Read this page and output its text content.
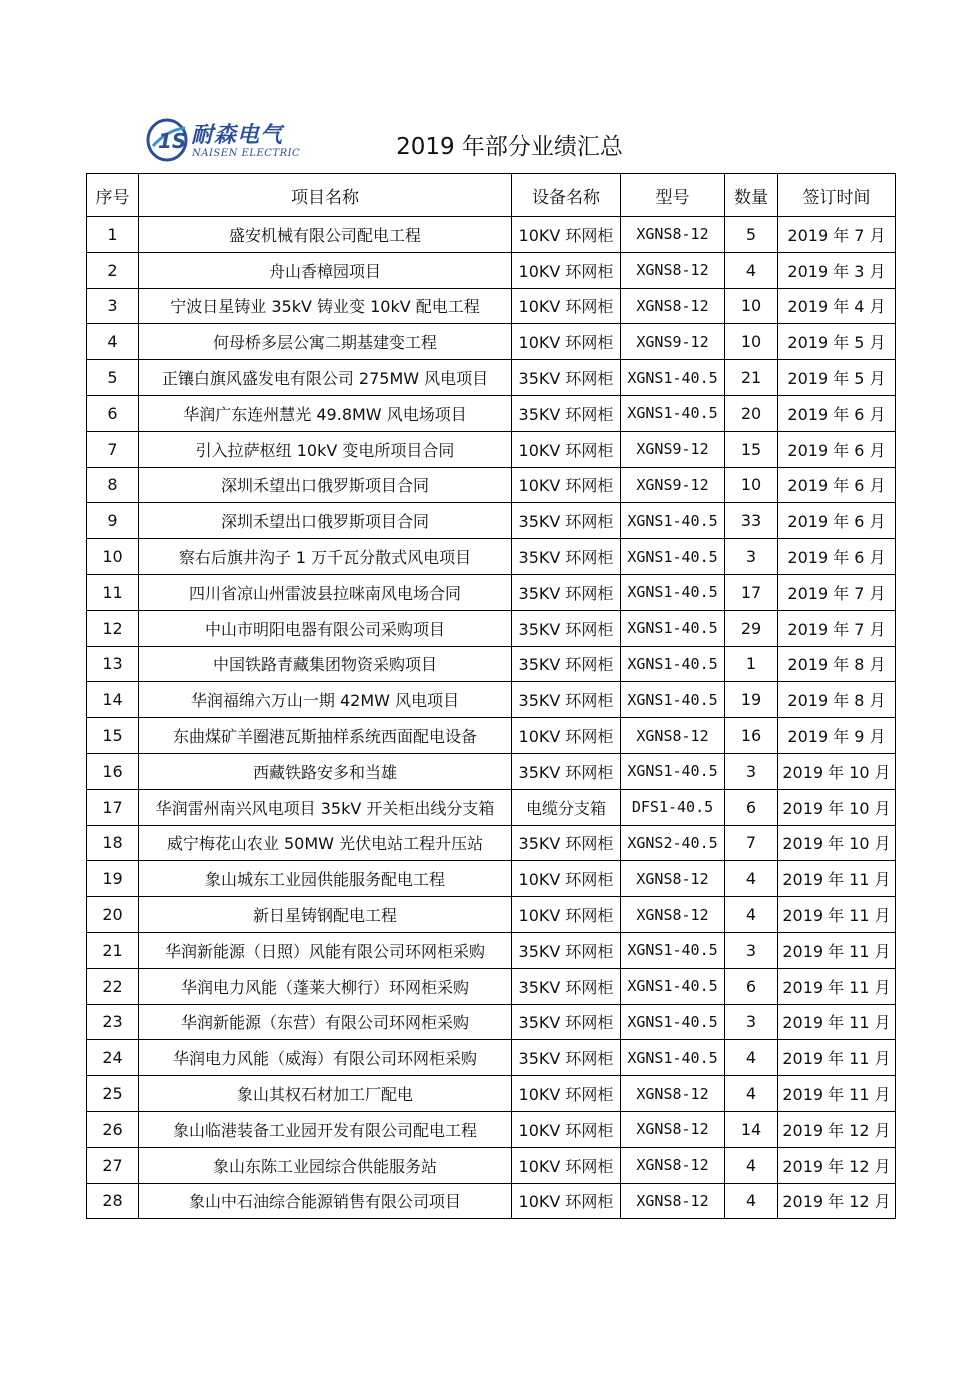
1S 耐森电气
NAISEN ELECTRIC	2019 年部分业绩汇总
序号	项目名称	设备名称	型号	数量	签订时间
1	盛安机械有限公司配电工程	10KV 环网柜	XGNS8-12	5	2019 年 7 月
2	舟山香樟园项目	10KV 环网柜	XGNS8-12	4	2019 年 3 月
3	宁波日星铸业 35kV 铸业变 10kV 配电工程	10KV 环网柜	XGNS8-12	10	2019 年 4 月
4	何母桥多层公寓二期基建变工程	10KV 环网柜	XGNS9-12	10	2019 年 5 月
5	正镶白旗风盛发电有限公司 275MW 风电项目	35KV 环网柜	XGNS1-40.5	21	2019 年 5 月
6	华润广东连州慧光 49.8MW 风电场项目	35KV 环网柜	XGNS1-40.5	20	2019 年 6 月
7	引入拉萨枢纽 10kV 变电所项目合同	10KV 环网柜	XGNS9-12	15	2019 年 6 月
8	深圳禾望出口俄罗斯项目合同	10KV 环网柜	XGNS9-12	10	2019 年 6 月
9	深圳禾望出口俄罗斯项目合同	35KV 环网柜	XGNS1-40.5	33	2019 年 6 月
10	察右后旗井沟子 1 万千瓦分散式风电项目	35KV 环网柜	XGNS1-40.5	3	2019 年 6 月
11	四川省凉山州雷波县拉咪南风电场合同	35KV 环网柜	XGNS1-40.5	17	2019 年 7 月
12	中山市明阳电器有限公司采购项目	35KV 环网柜	XGNS1-40.5	29	2019 年 7 月
13	中国铁路青藏集团物资采购项目	35KV 环网柜	XGNS1-40.5	1	2019 年 8 月
14	华润福绵六万山一期 42MW 风电项目	35KV 环网柜	XGNS1-40.5	19	2019 年 8 月
15	东曲煤矿羊圈港瓦斯抽样系统西面配电设备	10KV 环网柜	XGNS8-12	16	2019 年 9 月
16	西藏铁路安多和当雄	35KV 环网柜	XGNS1-40.5	3	2019 年 10 月
17	华润雷州南兴风电项目 35kV 开关柜出线分支箱	电缆分支箱	DFS1-40.5	6	2019 年 10 月
18	威宁梅花山农业 50MW 光伏电站工程升压站	35KV 环网柜	XGNS2-40.5	7	2019 年 10 月
19	象山城东工业园供能服务配电工程	10KV 环网柜	XGNS8-12	4	2019 年 11 月
20	新日星铸钢配电工程	10KV 环网柜	XGNS8-12	4	2019 年 11 月
21	华润新能源（日照）风能有限公司环网柜采购	35KV 环网柜	XGNS1-40.5	3	2019 年 11 月
22	华润电力风能（蓬莱大柳行）环网柜采购	35KV 环网柜	XGNS1-40.5	6	2019 年 11 月
23	华润新能源（东营）有限公司环网柜采购	35KV 环网柜	XGNS1-40.5	3	2019 年 11 月
24	华润电力风能（威海）有限公司环网柜采购	35KV 环网柜	XGNS1-40.5	4	2019 年 11 月
25	象山其权石材加工厂配电	10KV 环网柜	XGNS8-12	4	2019 年 11 月
26	象山临港装备工业园开发有限公司配电工程	10KV 环网柜	XGNS8-12	14	2019 年 12 月
27	象山东陈工业园综合供能服务站	10KV 环网柜	XGNS8-12	4	2019 年 12 月
28	象山中石油综合能源销售有限公司项目	10KV 环网柜	XGNS8-12	4	2019 年 12 月
